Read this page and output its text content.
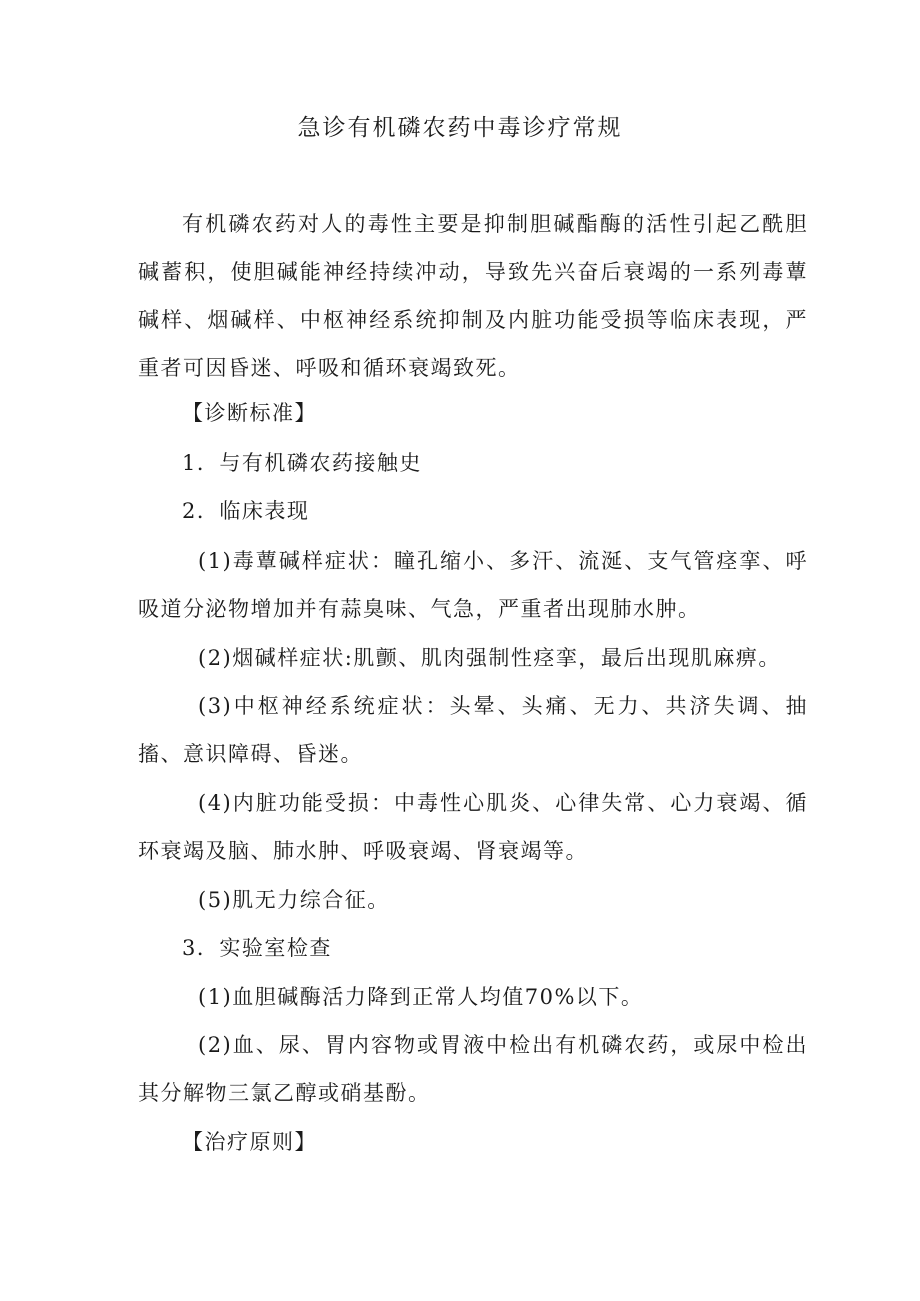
急诊有机磷农药中毒诊疗常规
有机磷农药对人的毒性主要是抑制胆碱酯酶的活性引起乙酰胆碱蓄积，使胆碱能神经持续冲动，导致先兴奋后衰竭的一系列毒蕈碱样、烟碱样、中枢神经系统抑制及内脏功能受损等临床表现，严重者可因昏迷、呼吸和循环衰竭致死。
【诊断标准】
1．与有机磷农药接触史
2．临床表现
(1)毒蕈碱样症状：瞳孔缩小、多汗、流涎、支气管痉挛、呼吸道分泌物增加并有蒜臭味、气急，严重者出现肺水肿。
(2)烟碱样症状:肌颤、肌肉强制性痉挛，最后出现肌麻痹。
(3)中枢神经系统症状：头晕、头痛、无力、共济失调、抽搐、意识障碍、昏迷。
(4)内脏功能受损：中毒性心肌炎、心律失常、心力衰竭、循环衰竭及脑、肺水肿、呼吸衰竭、肾衰竭等。
(5)肌无力综合征。
3．实验室检查
(1)血胆碱酶活力降到正常人均值70%以下。
(2)血、尿、胃内容物或胃液中检出有机磷农药，或尿中检出其分解物三氯乙醇或硝基酚。
【治疗原则】
